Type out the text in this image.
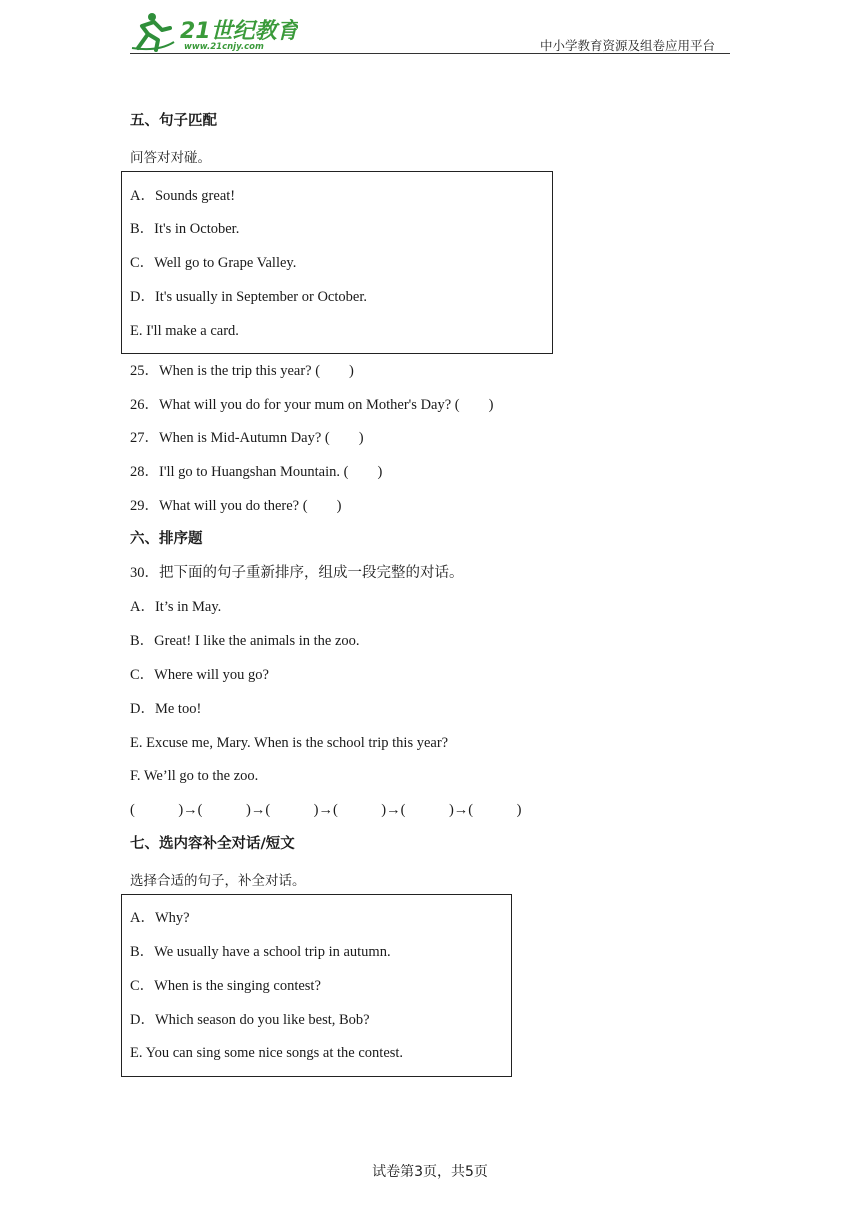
21世纪教育
www.21cnjy.com	中小学教育资源及组卷应用平台
五、句子匹配
问答对对碰。
A．Sounds great!
B．It's in October.
C．Well go to Grape Valley.
D．It's usually in September or October.
E. I'll make a card.
25．When is the trip this year? (　　)
26．What will you do for your mum on Mother's Day? (　　)
27．When is Mid-Autumn Day? (　　)
28．I'll go to Huangshan Mountain. (　　)
29．What will you do there? (　　)
六、排序题
30．把下面的句子重新排序，组成一段完整的对话。
A．It’s in May.
B．Great! I like the animals in the zoo.
C．Where will you go?
D．Me too!
E. Excuse me, Mary. When is the school trip this year?
F. We’ll go to the zoo.
(　　　)→(　　　)→(　　　)→(　　　)→(　　　)→(　　　)
七、选内容补全对话/短文
选择合适的句子，补全对话。
A．Why?
B．We usually have a school trip in autumn.
C．When is the singing contest?
D．Which season do you like best, Bob?
E. You can sing some nice songs at the contest.
试卷第3页，共5页
